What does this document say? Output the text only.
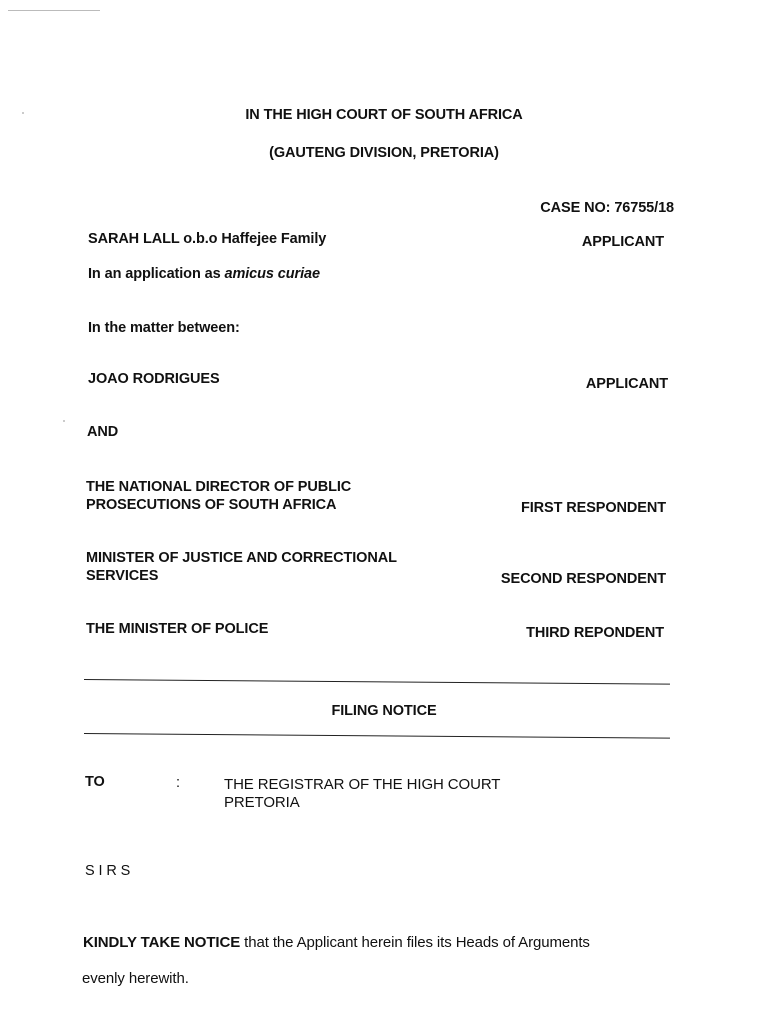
IN THE HIGH COURT OF SOUTH AFRICA
(GAUTENG DIVISION, PRETORIA)
CASE NO: 76755/18
SARAH LALL o.b.o Haffejee Family	APPLICANT
In an application as amicus curiae
In the matter between:
JOAO RODRIGUES	APPLICANT
AND
THE NATIONAL DIRECTOR OF PUBLIC
PROSECUTIONS OF SOUTH AFRICA	FIRST RESPONDENT
MINISTER OF JUSTICE AND CORRECTIONAL
SERVICES	SECOND RESPONDENT
THE MINISTER OF POLICE	THIRD REPONDENT
FILING NOTICE
TO	:	THE REGISTRAR OF THE HIGH COURT
PRETORIA
S I R S
KINDLY TAKE NOTICE that the Applicant herein files its Heads of Arguments
evenly herewith.
